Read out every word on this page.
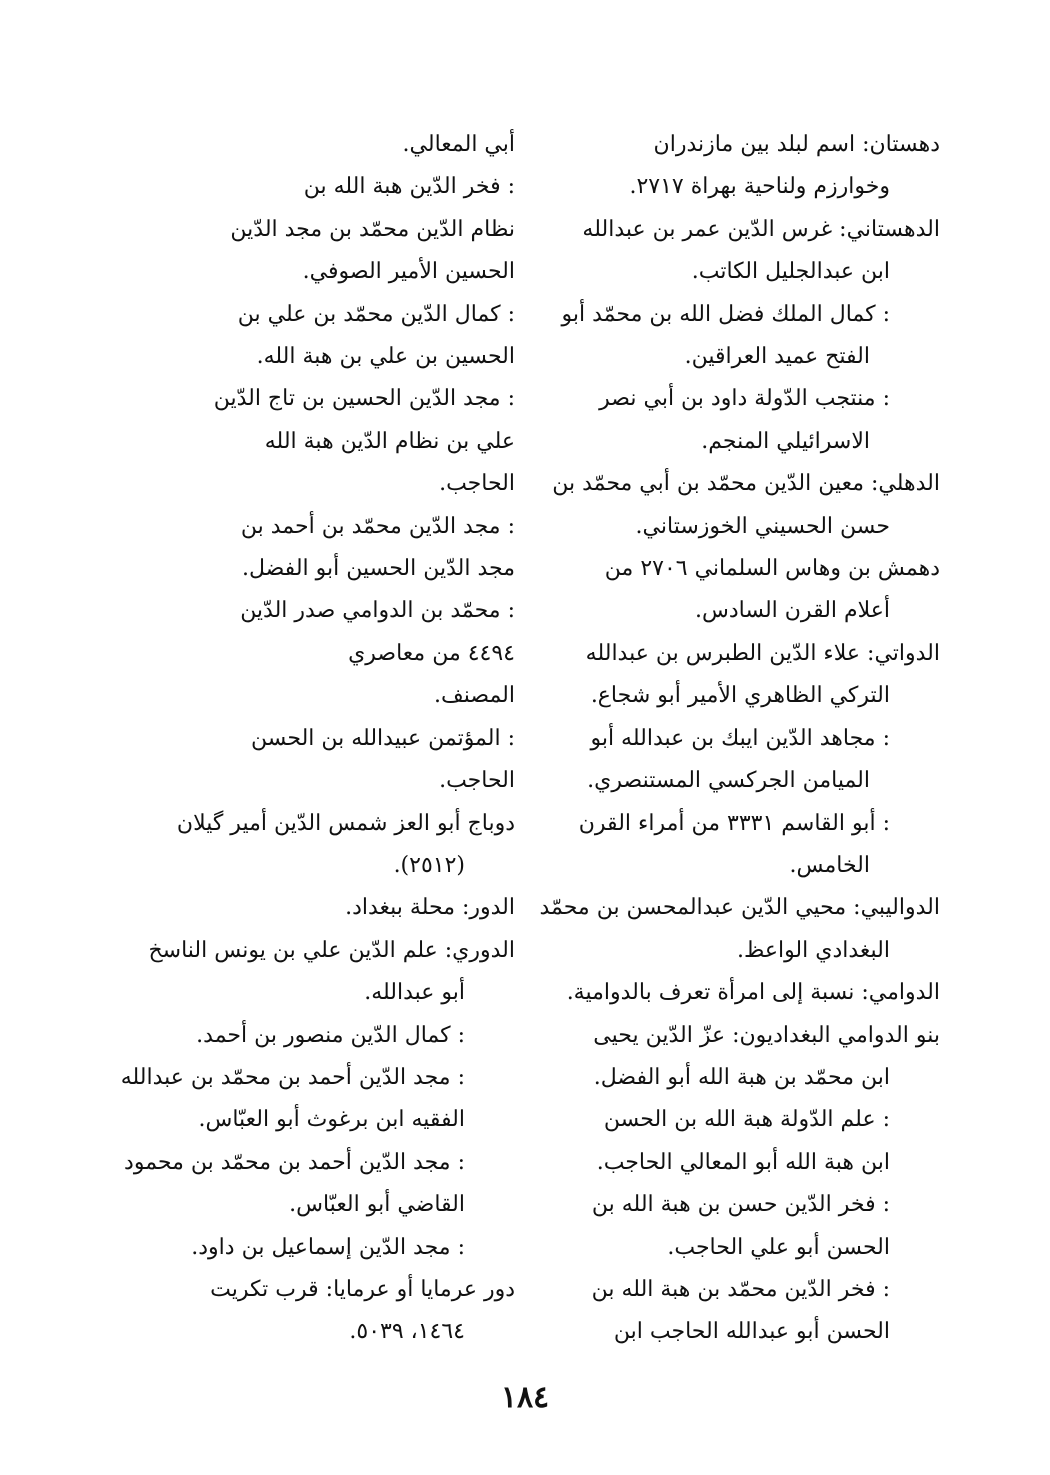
دهستان: اسم لبلد بين مازندران
وخوارزم ولناحية بهراة ٢٧١٧.
الدهستاني: غرس الدّين عمر بن عبدالله
ابن عبدالجليل الكاتب.
: كمال الملك فضل الله بن محمّد أبو
الفتح عميد العراقين.
: منتجب الدّولة داود بن أبي نصر
الاسرائيلي المنجم.
الدهلي: معين الدّين محمّد بن أبي محمّد بن
حسن الحسيني الخوزستاني.
دهمش بن وهاس السلماني ٢٧٠٦ من
أعلام القرن السادس.
الدواتي: علاء الدّين الطبرس بن عبدالله
التركي الظاهري الأمير أبو شجاع.
: مجاهد الدّين ايبك بن عبدالله أبو
الميامن الجركسي المستنصري.
: أبو القاسم ٣٣٣١ من أمراء القرن
الخامس.
الدواليبي: محيي الدّين عبدالمحسن بن محمّد
البغدادي الواعظ.
الدوامي: نسبة إلى امرأة تعرف بالدوامية.
بنو الدوامي البغداديون: عزّ الدّين يحيى
ابن محمّد بن هبة الله أبو الفضل.
: علم الدّولة هبة الله بن الحسن
ابن هبة الله أبو المعالي الحاجب.
: فخر الدّين حسن بن هبة الله بن
الحسن أبو علي الحاجب.
: فخر الدّين محمّد بن هبة الله بن
الحسن أبو عبدالله الحاجب ابن
أبي المعالي.
: فخر الدّين هبة الله بن
نظام الدّين محمّد بن مجد الدّين
الحسين الأمير الصوفي.
: كمال الدّين محمّد بن علي بن
الحسين بن علي بن هبة الله.
: مجد الدّين الحسين بن تاج الدّين
علي بن نظام الدّين هبة الله
الحاجب.
: مجد الدّين محمّد بن أحمد بن
مجد الدّين الحسين أبو الفضل.
: محمّد بن الدوامي صدر الدّين
٤٤٩٤ من معاصري
المصنف.
: المؤتمن عبيدالله بن الحسن
الحاجب.
دوباج أبو العز شمس الدّين أمير گيلان
(٢٥١٢).
الدور: محلة ببغداد.
الدوري: علم الدّين علي بن يونس الناسخ
أبو عبدالله.
: كمال الدّين منصور بن أحمد.
: مجد الدّين أحمد بن محمّد بن عبدالله
الفقيه ابن برغوث أبو العبّاس.
: مجد الدّين أحمد بن محمّد بن محمود
القاضي أبو العبّاس.
: مجد الدّين إسماعيل بن داود.
دور عرمايا أو عرمايا: قرب تكريت
١٤٦٤، ٥٠٣٩.
١٨٤
